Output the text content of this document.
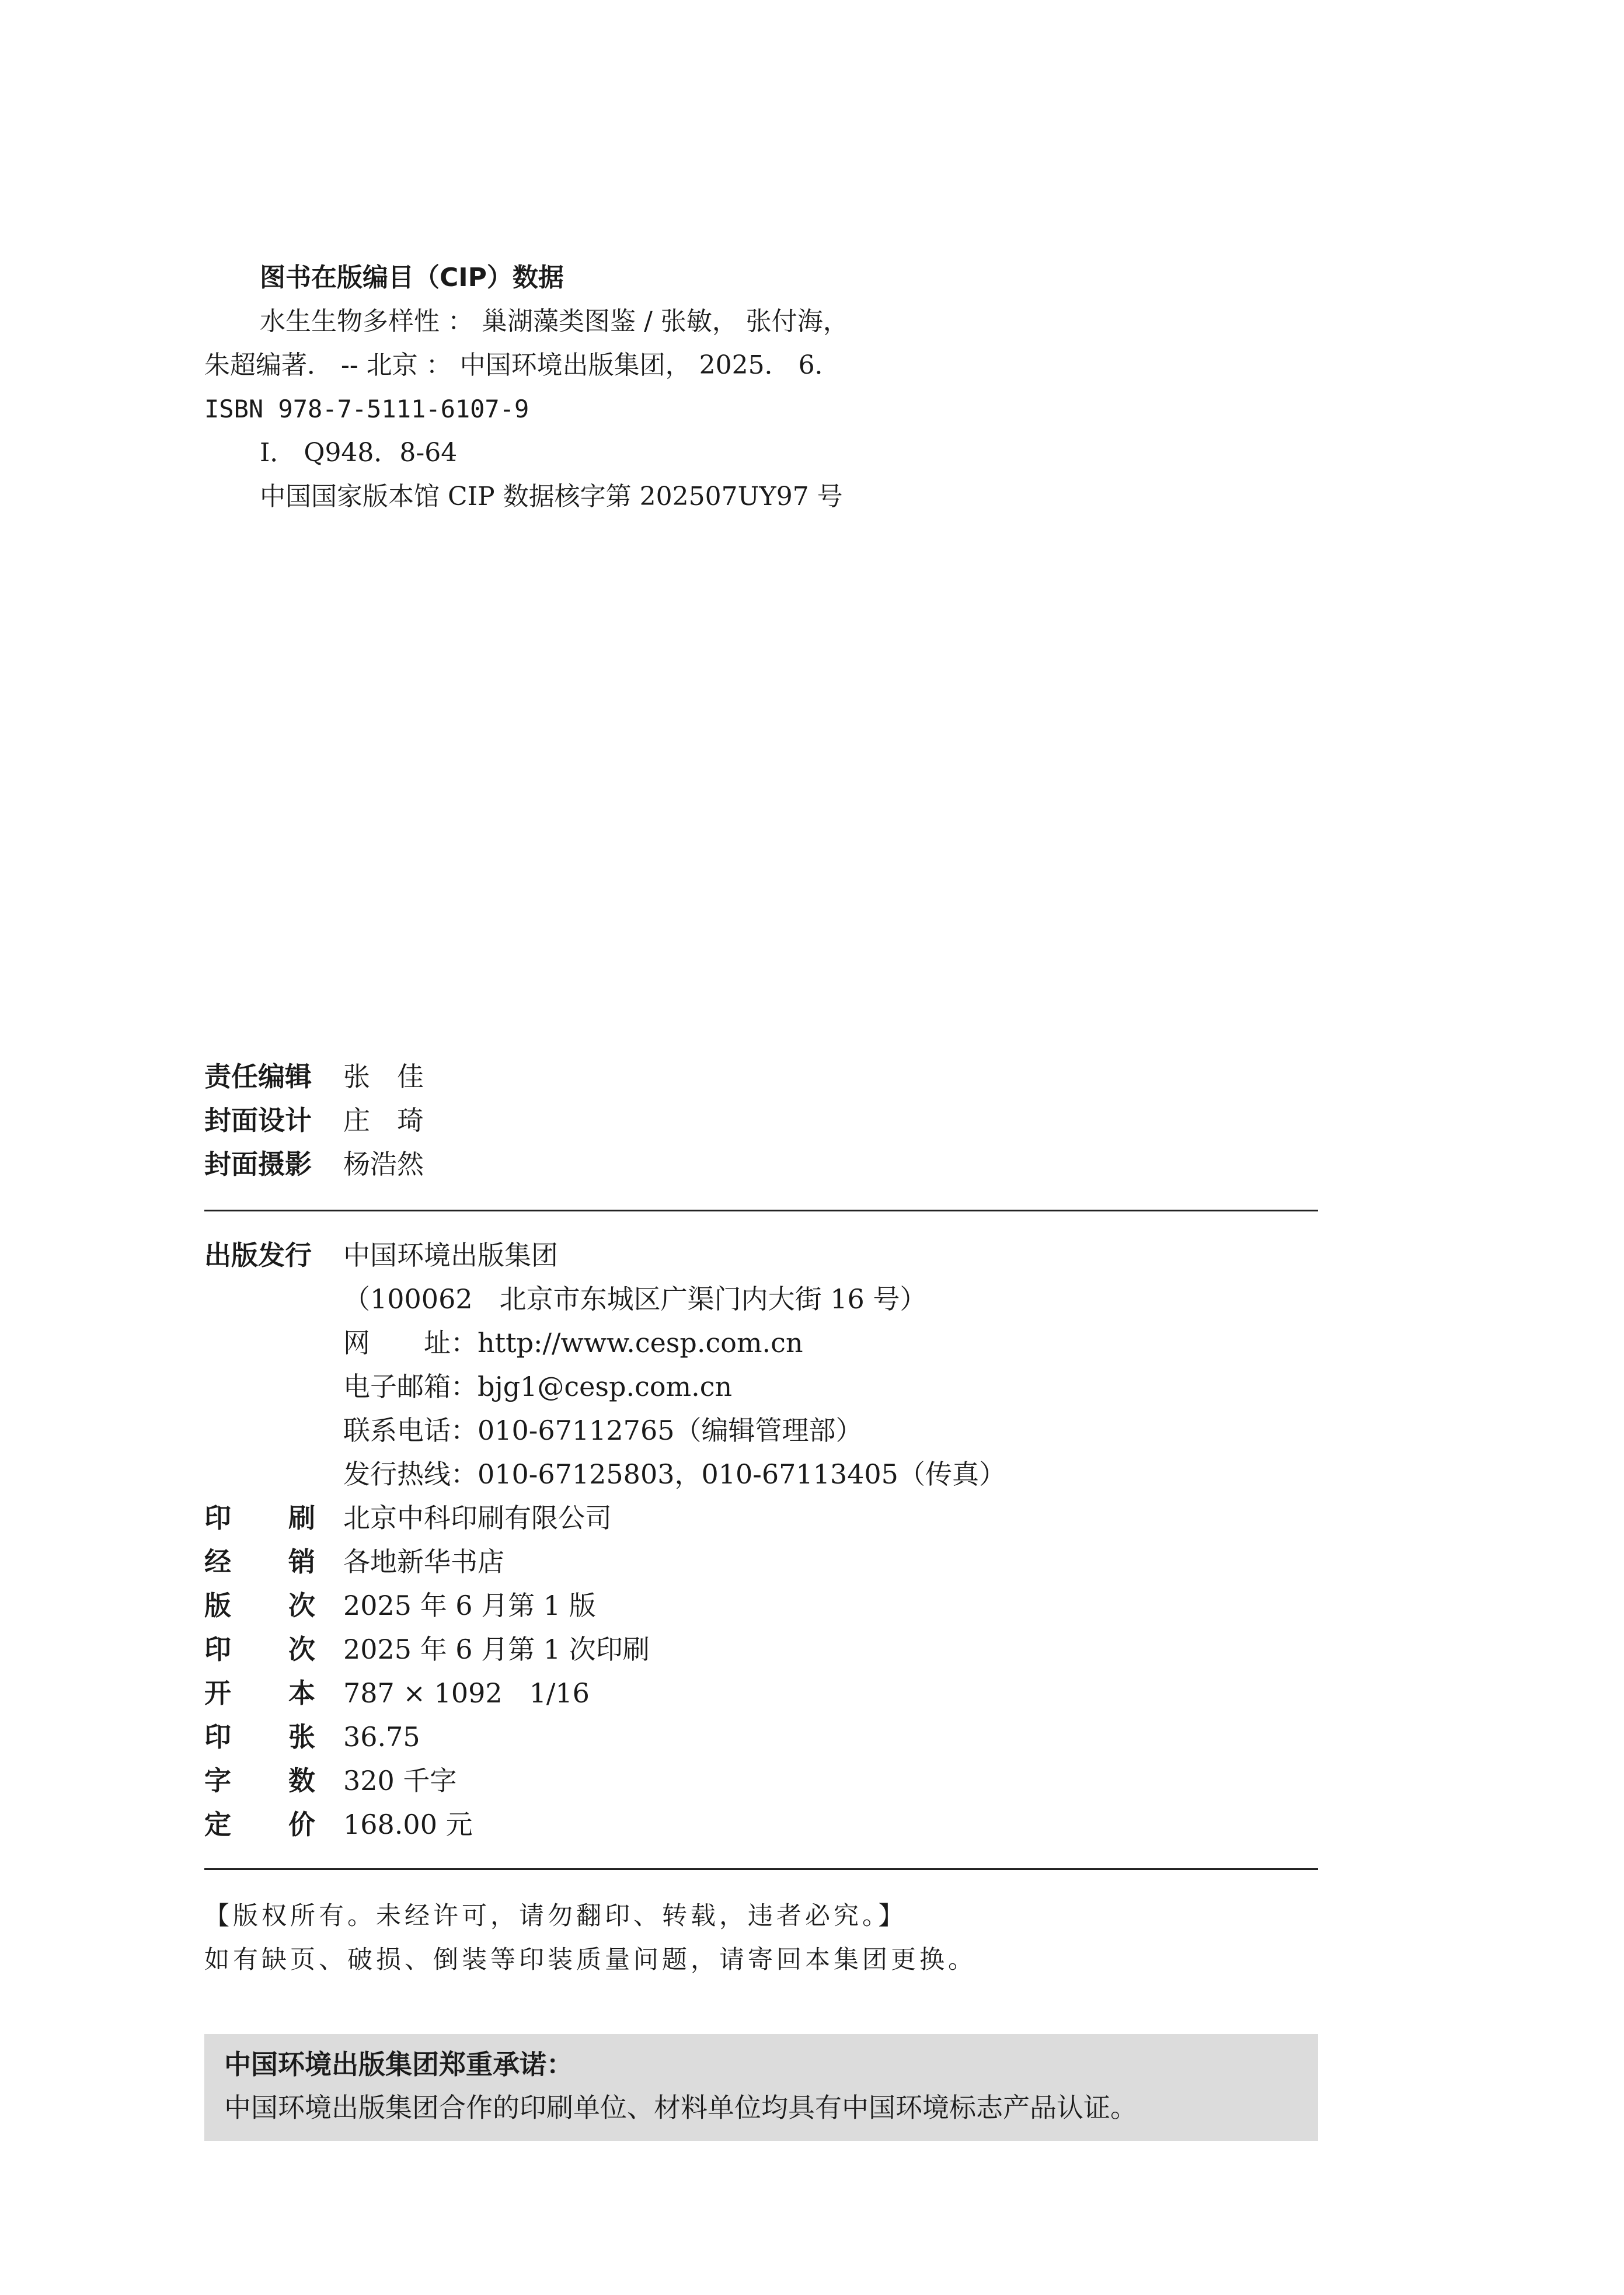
图书在版编目（CIP）数据
水生生物多样性 ： 巢湖藻类图鉴 / 张敏， 张付海，
朱超编著． -- 北京 ： 中国环境出版集团， 2025． 6．
ISBN 978-7-5111-6107-9
Ⅰ． Q948．8-64
中国国家版本馆 CIP 数据核字第 202507UY97 号
责任编辑 张　佳
封面设计 庄　琦
封面摄影 杨浩然
出版发行 中国环境出版集团
（100062　北京市东城区广渠门内大街 16 号）
网　　址：http://www.cesp.com.cn
电子邮箱：bjg1@cesp.com.cn
联系电话：010-67112765（编辑管理部）
发行热线：010-67125803，010-67113405（传真）
印 刷 北京中科印刷有限公司
经 销 各地新华书店
版 次 2025 年 6 月第 1 版
印 次 2025 年 6 月第 1 次印刷
开 本 787 × 1092　1/16
印 张 36.75
字 数 320 千字
定 价 168.00 元
【版权所有。未经许可，请勿翻印、转载，违者必究。】
如有缺页、破损、倒装等印装质量问题，请寄回本集团更换。
中国环境出版集团郑重承诺：
中国环境出版集团合作的印刷单位、材料单位均具有中国环境标志产品认证。
